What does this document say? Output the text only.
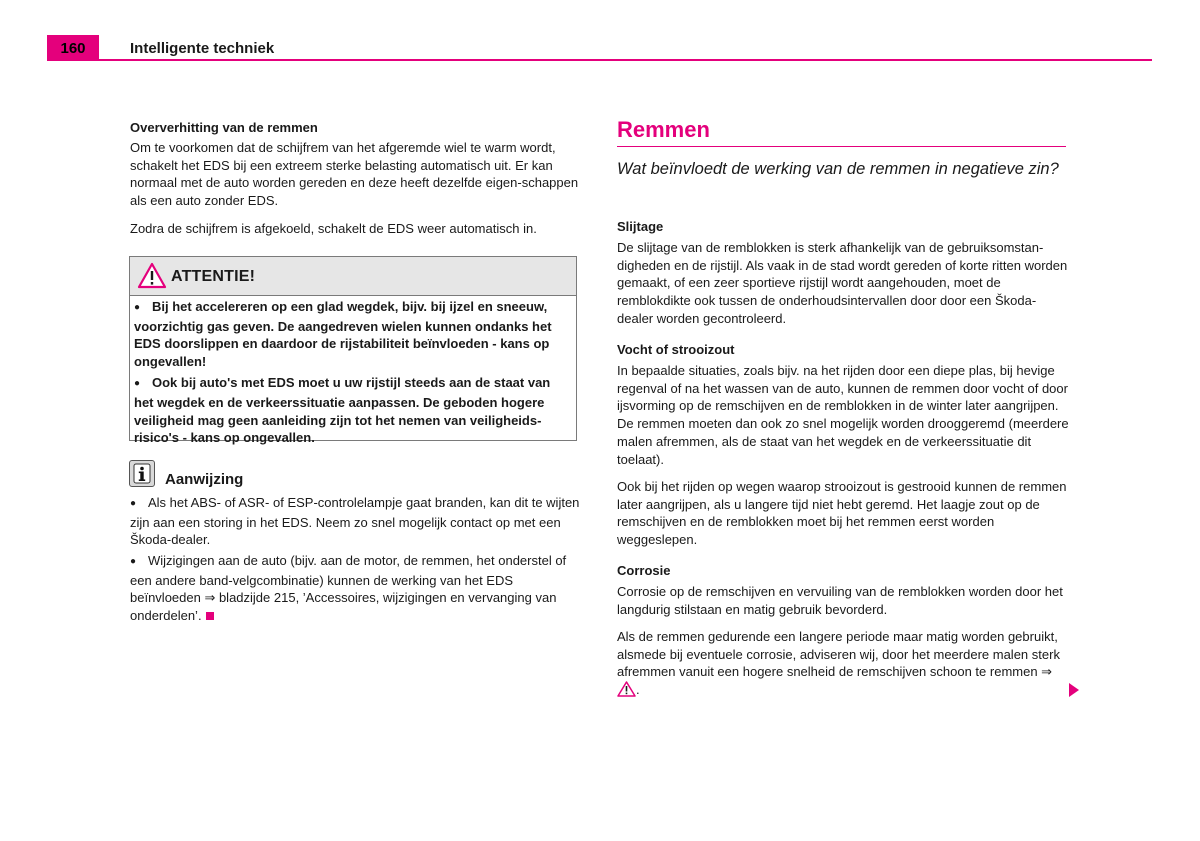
160	Intelligente techniek
Oververhitting van de remmen

Om te voorkomen dat de schijfrem van het afgeremde wiel te warm wordt, schakelt het EDS bij een extreem sterke belasting automatisch uit. Er kan normaal met de auto worden gereden en deze heeft dezelfde eigen-schappen als een auto zonder EDS.

Zodra de schijfrem is afgekoeld, schakelt de EDS weer automatisch in.

ATTENTIE!

●Bij het accelereren op een glad wegdek, bijv. bij ijzel en sneeuw, voorzichtig gas geven. De aangedreven wielen kunnen ondanks het EDS doorslippen en daardoor de rijstabiliteit beïnvloeden - kans op ongevallen!

●Ook bij auto's met EDS moet u uw rijstijl steeds aan de staat van het wegdek en de verkeerssituatie aanpassen. De geboden hogere veiligheid mag geen aanleiding zijn tot het nemen van veiligheids-risico's - kans op ongevallen.

Aanwijzing

●Als het ABS- of ASR- of ESP-controlelampje gaat branden, kan dit te wijten zijn aan een storing in het EDS. Neem zo snel mogelijk contact op met een Škoda-dealer.

●Wijzigingen aan de auto (bijv. aan de motor, de remmen, het onderstel of een andere band-velgcombinatie) kunnen de werking van het EDS beïnvloeden ⇒ bladzijde 215, ’Accessoires, wijzigingen en vervanging van onderdelen’.

Remmen
Wat beïnvloedt de werking van de remmen in negatieve zin?
Slijtage

De slijtage van de remblokken is sterk afhankelijk van de gebruiksomstan-digheden en de rijstijl. Als vaak in de stad wordt gereden of korte ritten worden gemaakt, of een zeer sportieve rijstijl wordt aangehouden, moet de remblokdikte ook tussen de onderhoudsintervallen door door een Škoda-dealer worden gecontroleerd.

Vocht of strooizout

In bepaalde situaties, zoals bijv. na het rijden door een diepe plas, bij hevige regenval of na het wassen van de auto, kunnen de remmen door vocht of door ijsvorming op de remschijven en de remblokken in de winter later aangrijpen. De remmen moeten dan ook zo snel mogelijk worden drooggeremd (meerdere malen afremmen, als de staat van het wegdek en de verkeerssituatie dit toelaat).

Ook bij het rijden op wegen waarop strooizout is gestrooid kunnen de remmen later aangrijpen, als u langere tijd niet hebt geremd. Het laagje zout op de remschijven en de remblokken moet bij het remmen eerst worden weggeslepen.

Corrosie

Corrosie op de remschijven en vervuiling van de remblokken worden door het langdurig stilstaan en matig gebruik bevorderd.

Als de remmen gedurende een langere periode maar matig worden gebruikt, alsmede bij eventuele corrosie, adviseren wij, door het meerdere malen sterk afremmen vanuit een hogere snelheid de remschijven schoon te remmen ⇒ .
